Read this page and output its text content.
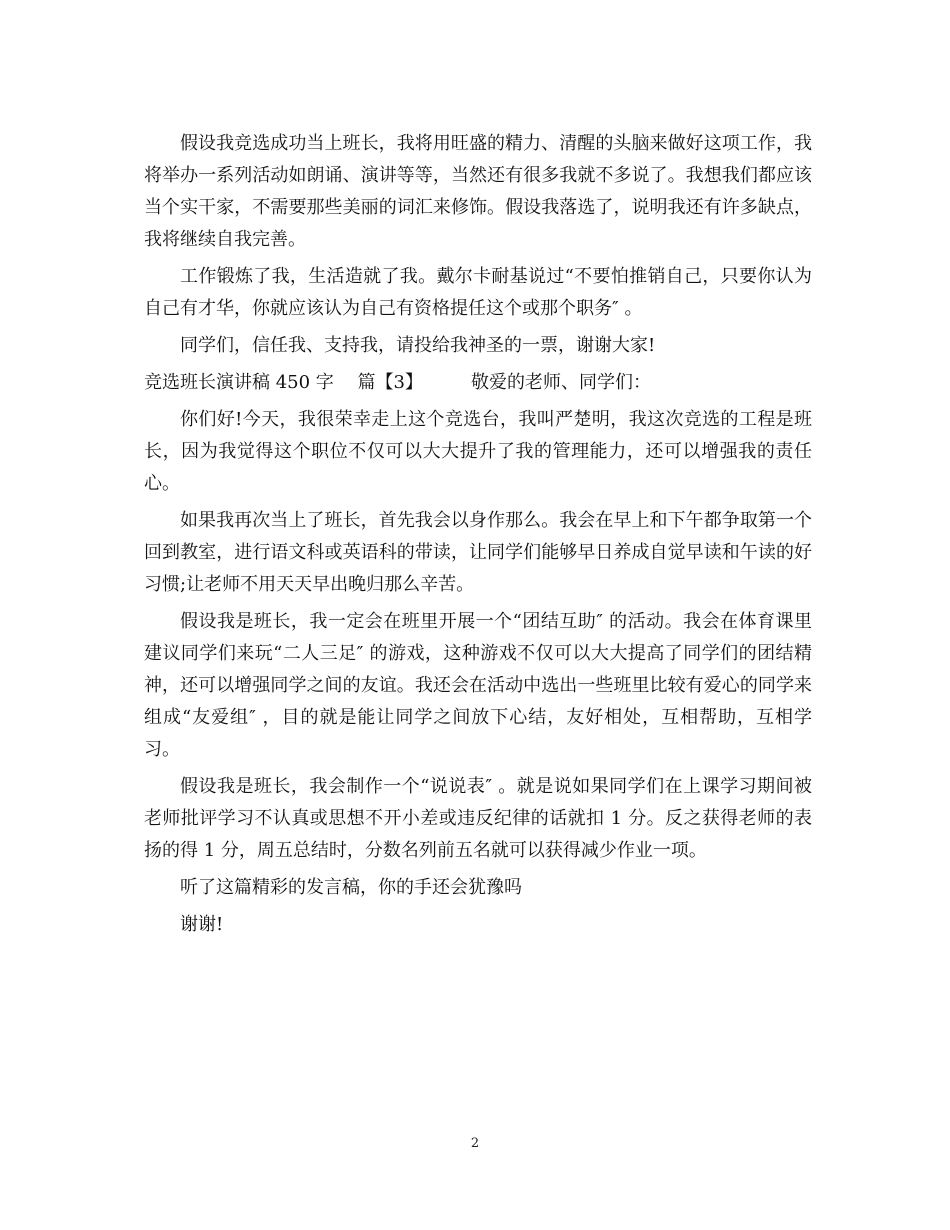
假设我竞选成功当上班长，我将用旺盛的精力、清醒的头脑来做好这项工作，我将举办一系列活动如朗诵、演讲等等，当然还有很多我就不多说了。我想我们都应该当个实干家，不需要那些美丽的词汇来修饰。假设我落选了，说明我还有许多缺点，我将继续自我完善。

工作锻炼了我，生活造就了我。戴尔卡耐基说过“不要怕推销自己，只要你认为自己有才华，你就应该认为自己有资格提任这个或那个职务″ 。

同学们，信任我、支持我，请投给我神圣的一票，谢谢大家!

竞选班长演讲稿 450 字　 篇【3】	敬爱的老师、同学们：

你们好!今天，我很荣幸走上这个竞选台，我叫严楚明，我这次竞选的工程是班长，因为我觉得这个职位不仅可以大大提升了我的管理能力，还可以增强我的责任心。

如果我再次当上了班长，首先我会以身作那么。我会在早上和下午都争取第一个回到教室，进行语文科或英语科的带读，让同学们能够早日养成自觉早读和午读的好习惯;让老师不用天天早出晚归那么辛苦。

假设我是班长，我一定会在班里开展一个“团结互助″ 的活动。我会在体育课里建议同学们来玩“二人三足″ 的游戏，这种游戏不仅可以大大提高了同学们的团结精神，还可以增强同学之间的友谊。我还会在活动中选出一些班里比较有爱心的同学来组成“友爱组″ ，目的就是能让同学之间放下心结，友好相处，互相帮助，互相学习。

假设我是班长，我会制作一个“说说表″ 。就是说如果同学们在上课学习期间被老师批评学习不认真或思想不开小差或违反纪律的话就扣 1 分。反之获得老师的表扬的得 1 分，周五总结时，分数名列前五名就可以获得减少作业一项。

听了这篇精彩的发言稿，你的手还会犹豫吗

谢谢!

2
